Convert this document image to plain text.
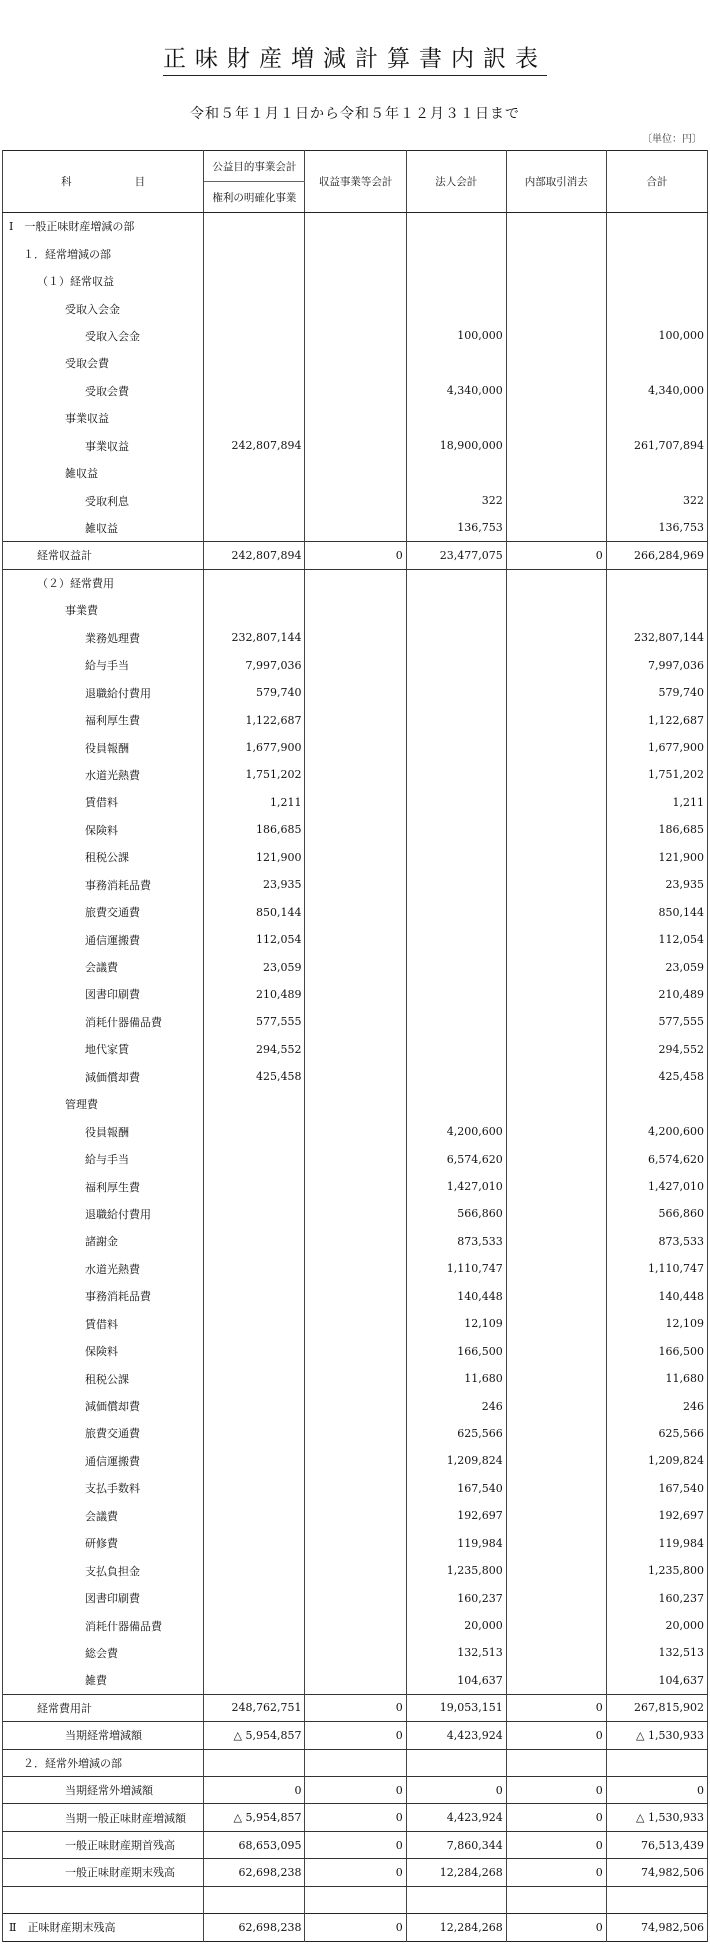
正味財産増減計算書内訳表
令和５年１月１日から令和５年１２月３１日まで
〔単位：円〕
科　　　　　　目	公益目的事業会計	収益事業等会計	法人会計	内部取引消去	合計
	権利の明確化事業				
Ⅰ　一般正味財産増減の部					
１．経常増減の部					
（１）経常収益					
受取入会金					
受取入会金			100,000		100,000
受取会費					
受取会費			4,340,000		4,340,000
事業収益					
事業収益	242,807,894		18,900,000		261,707,894
雑収益					
受取利息			322		322
雑収益			136,753		136,753
経常収益計	242,807,894	0	23,477,075	0	266,284,969
（２）経常費用					
事業費					
業務処理費	232,807,144				232,807,144
給与手当	7,997,036				7,997,036
退職給付費用	579,740				579,740
福利厚生費	1,122,687				1,122,687
役員報酬	1,677,900				1,677,900
水道光熱費	1,751,202				1,751,202
賃借料	1,211				1,211
保険料	186,685				186,685
租税公課	121,900				121,900
事務消耗品費	23,935				23,935
旅費交通費	850,144				850,144
通信運搬費	112,054				112,054
会議費	23,059				23,059
図書印刷費	210,489				210,489
消耗什器備品費	577,555				577,555
地代家賃	294,552				294,552
減価償却費	425,458				425,458
管理費					
役員報酬			4,200,600		4,200,600
給与手当			6,574,620		6,574,620
福利厚生費			1,427,010		1,427,010
退職給付費用			566,860		566,860
諸謝金			873,533		873,533
水道光熱費			1,110,747		1,110,747
事務消耗品費			140,448		140,448
賃借料			12,109		12,109
保険料			166,500		166,500
租税公課			11,680		11,680
減価償却費			246		246
旅費交通費			625,566		625,566
通信運搬費			1,209,824		1,209,824
支払手数料			167,540		167,540
会議費			192,697		192,697
研修費			119,984		119,984
支払負担金			1,235,800		1,235,800
図書印刷費			160,237		160,237
消耗什器備品費			20,000		20,000
総会費			132,513		132,513
雑費			104,637		104,637
経常費用計	248,762,751	0	19,053,151	0	267,815,902
当期経常増減額	△ 5,954,857	0	4,423,924	0	△ 1,530,933
２．経常外増減の部					
当期経常外増減額	0	0	0	0	0
当期一般正味財産増減額	△ 5,954,857	0	4,423,924	0	△ 1,530,933
一般正味財産期首残高	68,653,095	0	7,860,344	0	76,513,439
一般正味財産期末残高	62,698,238	0	12,284,268	0	74,982,506

Ⅱ　正味財産期末残高	62,698,238	0	12,284,268	0	74,982,506
